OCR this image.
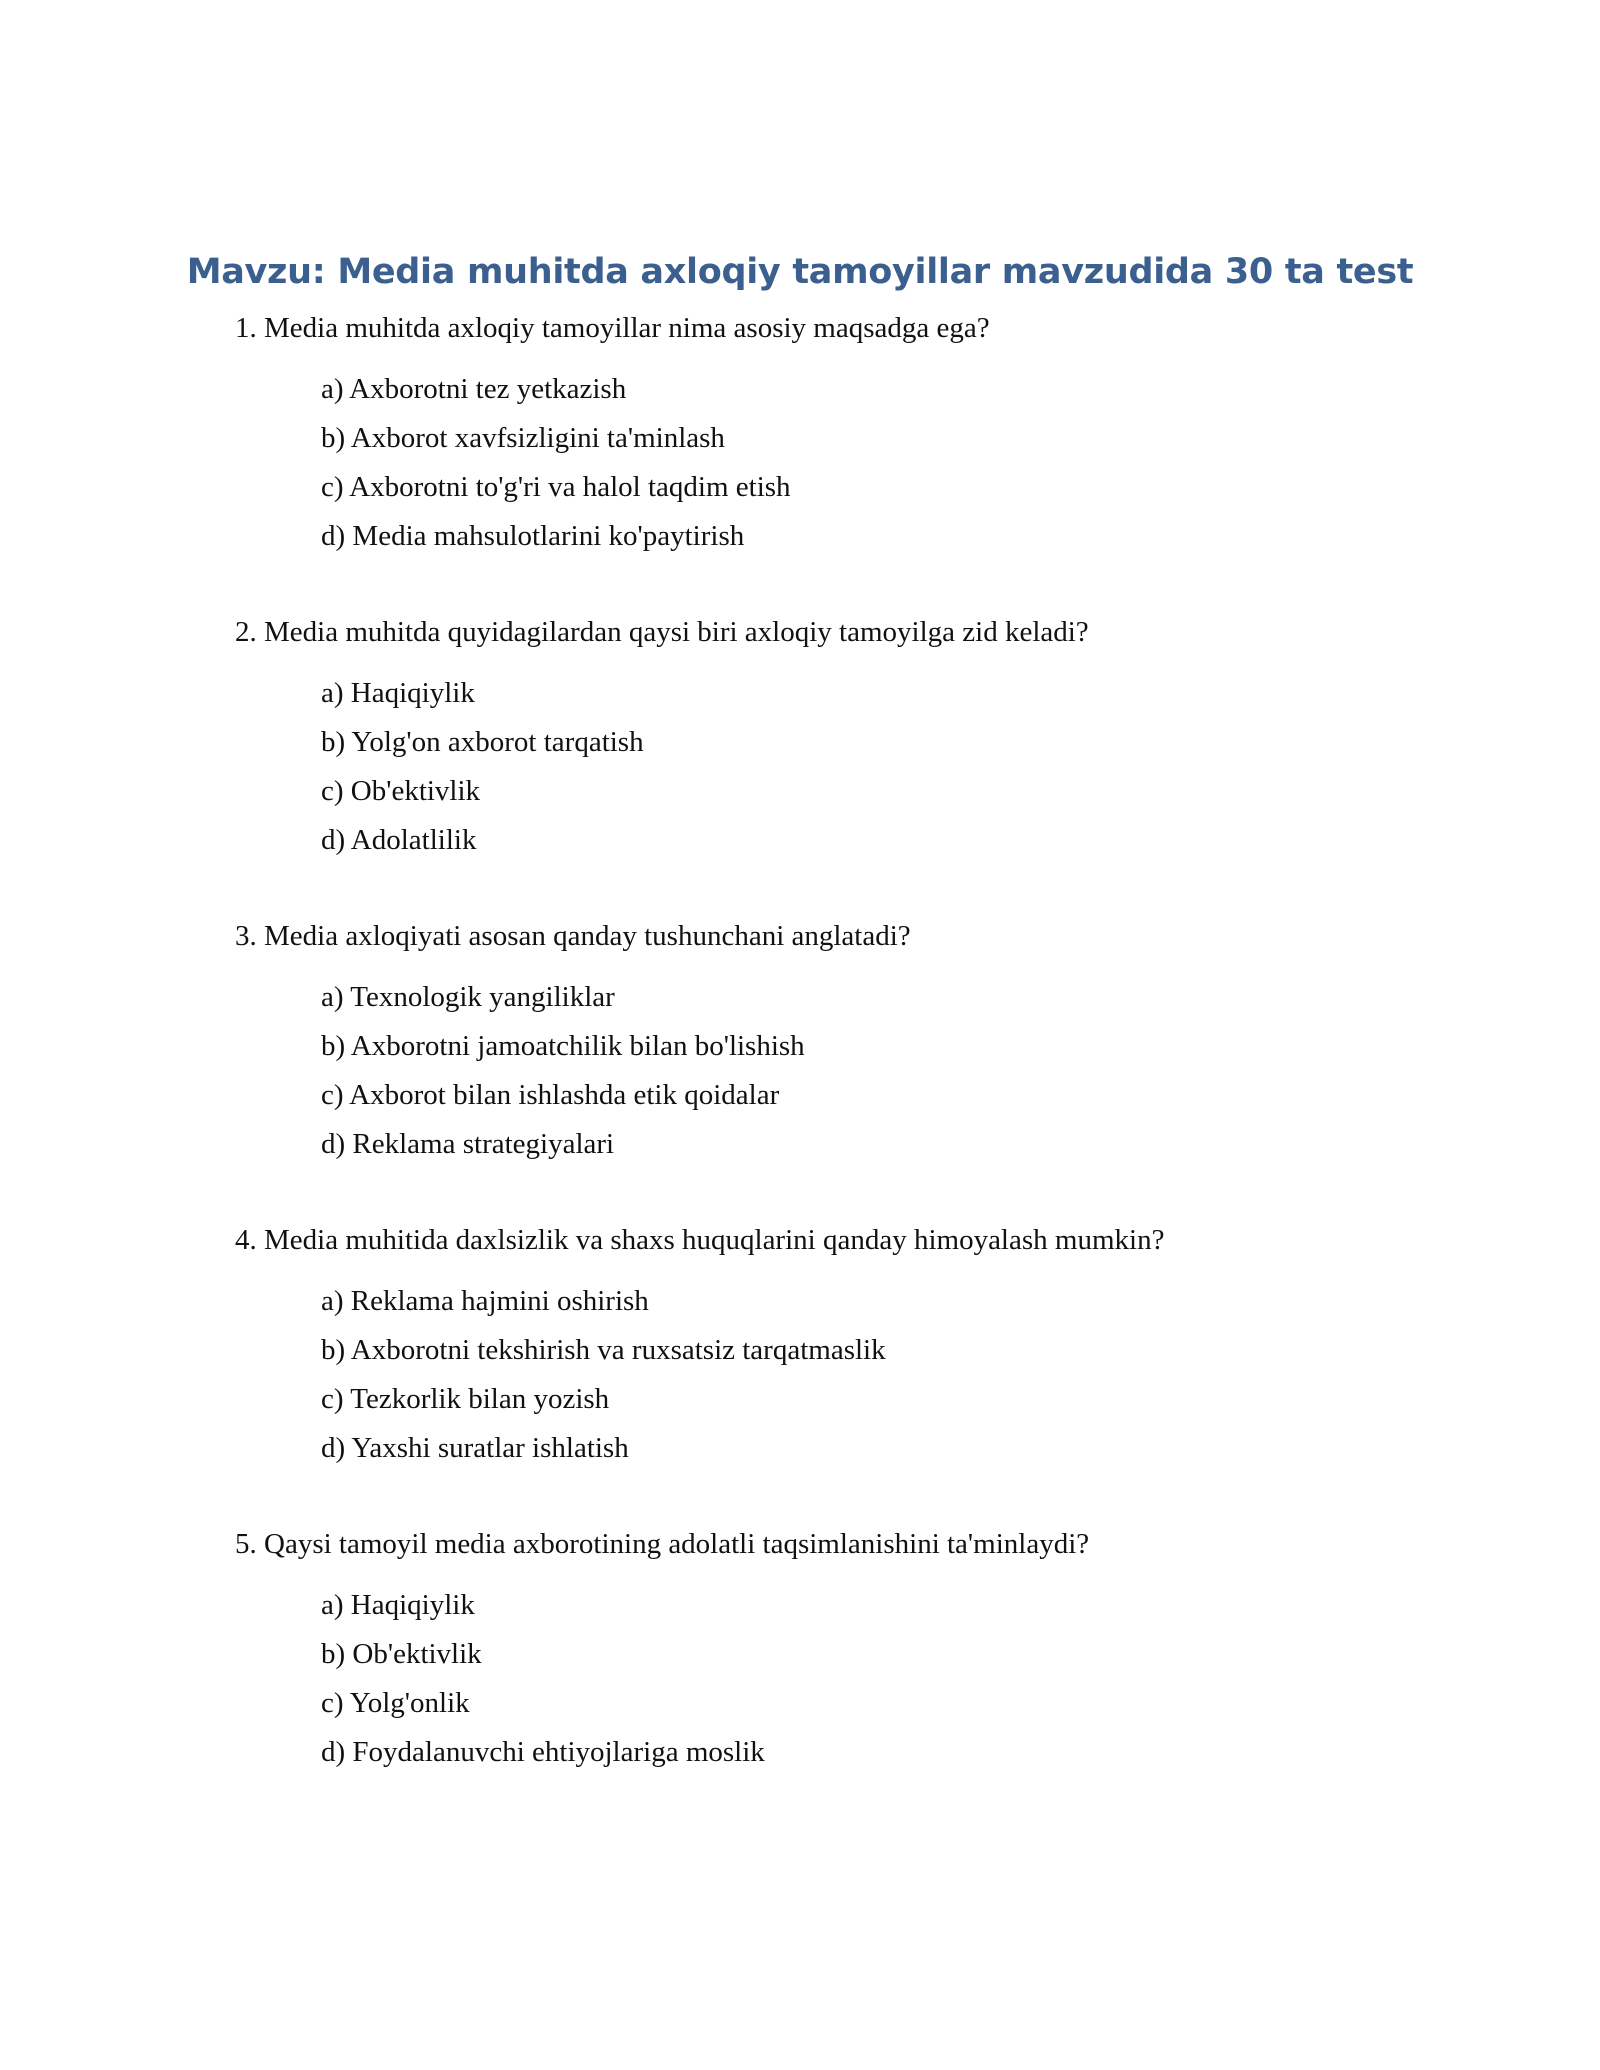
Mavzu: Media muhitda axloqiy tamoyillar mavzudida 30 ta test
1. Media muhitda axloqiy tamoyillar nima asosiy maqsadga ega?
a) Axborotni tez yetkazish
b) Axborot xavfsizligini ta'minlash
c) Axborotni to'g'ri va halol taqdim etish
d) Media mahsulotlarini ko'paytirish
2. Media muhitda quyidagilardan qaysi biri axloqiy tamoyilga zid keladi?
a) Haqiqiylik
b) Yolg'on axborot tarqatish
c) Ob'ektivlik
d) Adolatlilik
3. Media axloqiyati asosan qanday tushunchani anglatadi?
a) Texnologik yangiliklar
b) Axborotni jamoatchilik bilan bo'lishish
c) Axborot bilan ishlashda etik qoidalar
d) Reklama strategiyalari
4. Media muhitida daxlsizlik va shaxs huquqlarini qanday himoyalash mumkin?
a) Reklama hajmini oshirish
b) Axborotni tekshirish va ruxsatsiz tarqatmaslik
c) Tezkorlik bilan yozish
d) Yaxshi suratlar ishlatish
5. Qaysi tamoyil media axborotining adolatli taqsimlanishini ta'minlaydi?
a) Haqiqiylik
b) Ob'ektivlik
c) Yolg'onlik
d) Foydalanuvchi ehtiyojlariga moslik
